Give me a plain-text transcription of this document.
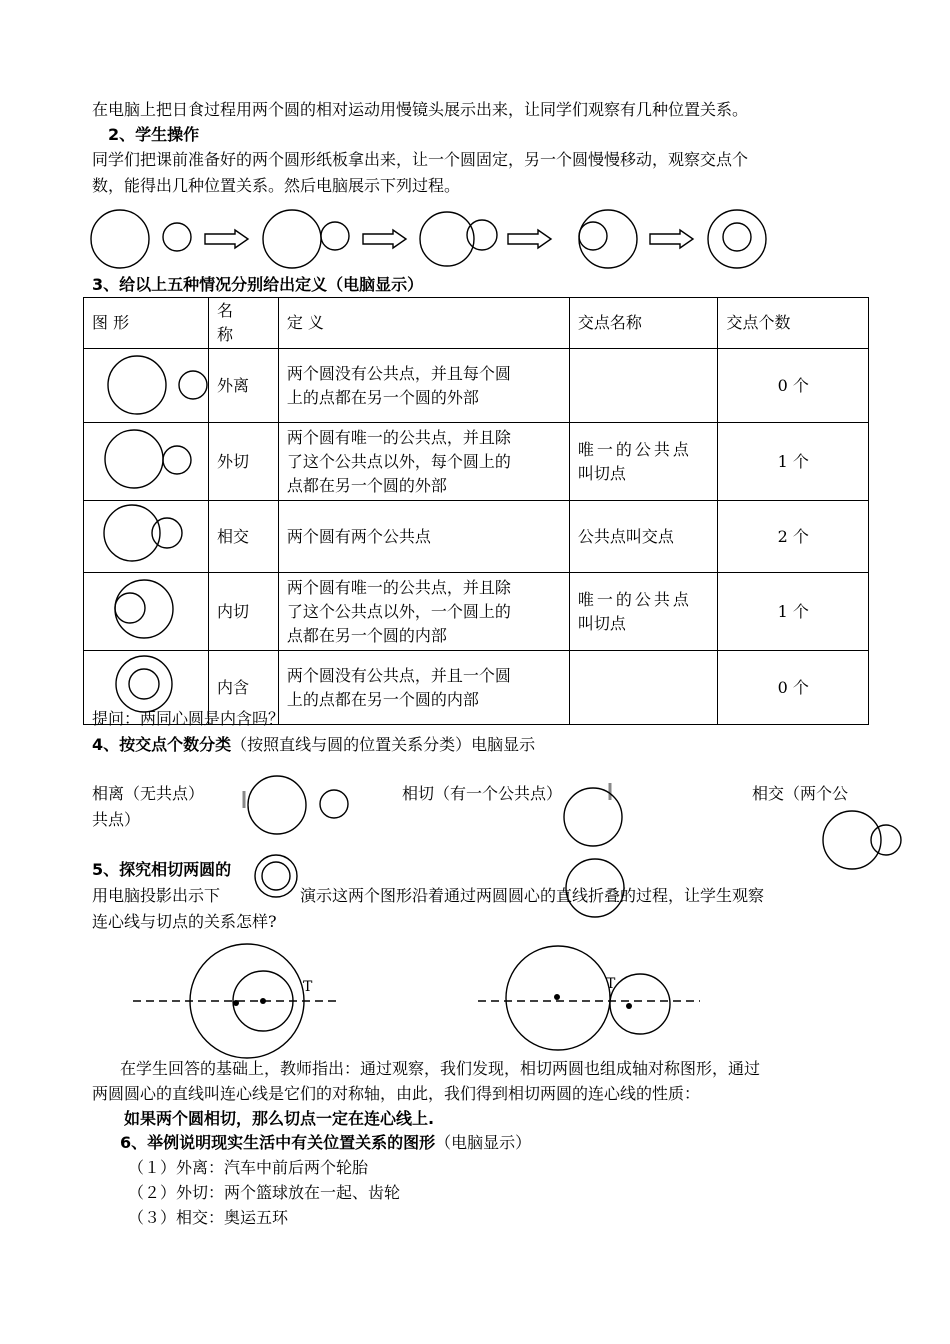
在电脑上把日食过程用两个圆的相对运动用慢镜头展示出来，让同学们观察有几种位置关系。
2、学生操作
同学们把课前准备好的两个圆形纸板拿出来，让一个圆固定，另一个圆慢慢移动，观察交点个
数，能得出几种位置关系。然后电脑展示下列过程。
3、给以上五种情况分别给出定义（电脑显示）
图 形	名
称	定 义	交点名称	交点个数
	外离	两个圆没有公共点，并且每个圆
上的点都在另一个圆的外部		0 个
	外切	两个圆有唯一的公共点，并且除
了这个公共点以外，每个圆上的
点都在另一个圆的外部	唯一的公共点
叫切点	1 个
	相交	两个圆有两个公共点	公共点叫交点	2 个
	内切	两个圆有唯一的公共点，并且除
了这个公共点以外，一个圆上的
点都在另一个圆的内部	唯一的公共点
叫切点	1 个
	内含	两个圆没有公共点，并且一个圆
上的点都在另一个圆的内部		0 个
提问：两同心圆是内含吗？
4、按交点个数分类（按照直线与圆的位置关系分类）电脑显示
相离（无共点）	相切（有一个公共点）	相交（两个公
共点）
5、探究相切两圆的
用电脑投影出示下	演示这两个图形沿着通过两圆圆心的直线折叠的过程，让学生观察
连心线与切点的关系怎样?
T	T
在学生回答的基础上，教师指出：通过观察，我们发现，相切两圆也组成轴对称图形，通过
两圆圆心的直线叫连心线是它们的对称轴，由此，我们得到相切两圆的连心线的性质：
如果两个圆相切，那么切点一定在连心线上.
6、举例说明现实生活中有关位置关系的图形（电脑显示）
（１）外离：汽车中前后两个轮胎
（２）外切：两个篮球放在一起、齿轮
（３）相交：奥运五环
